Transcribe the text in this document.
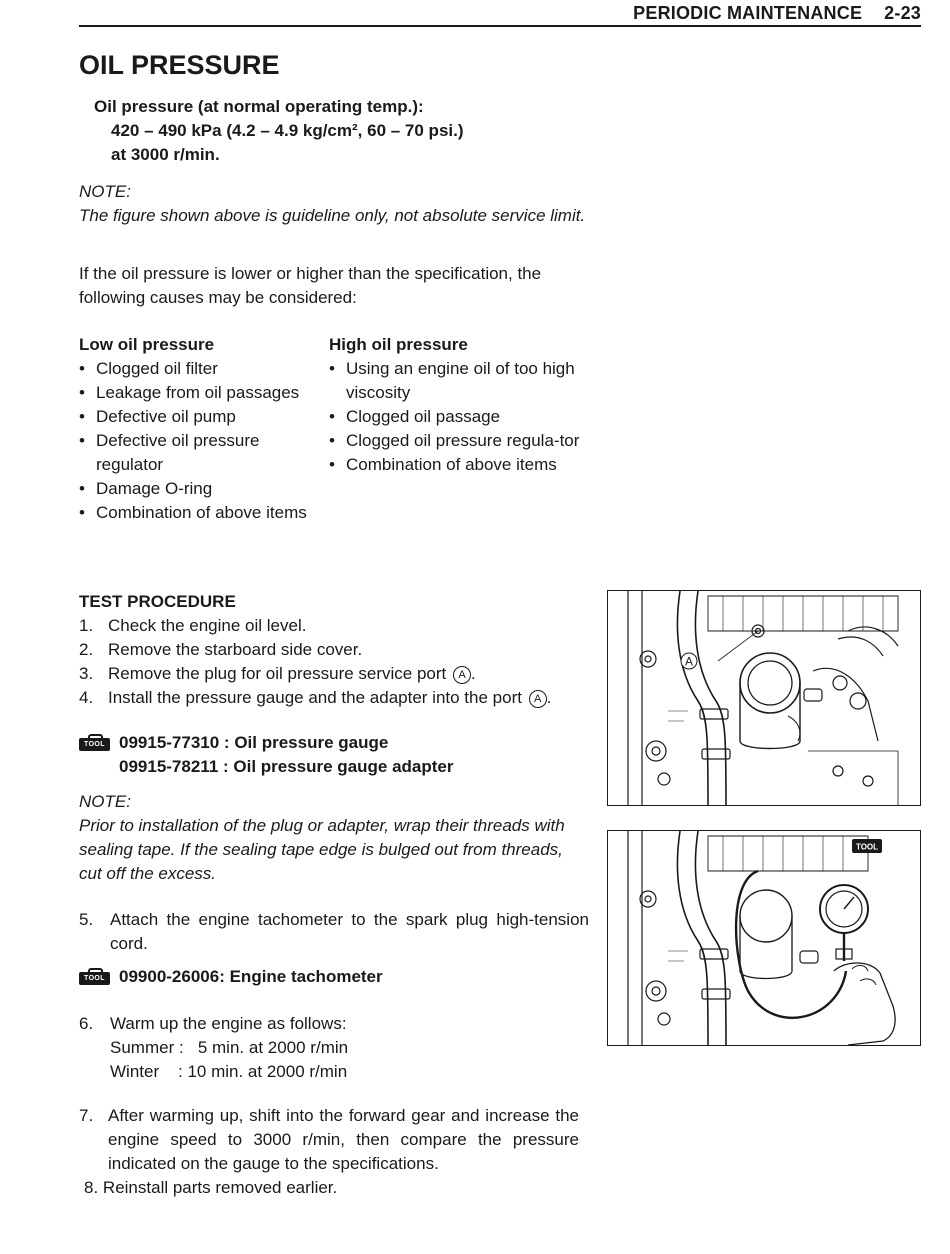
PERIODIC MAINTENANCE 2-23
OIL PRESSURE
Oil pressure (at normal operating temp.):
420 – 490 kPa (4.2 – 4.9 kg/cm², 60 – 70 psi.)
at 3000 r/min.
NOTE:
The figure shown above is guideline only, not absolute service limit.
If the oil pressure is lower or higher than the specification, the following causes may be considered:
Low oil pressure
• Clogged oil filter
• Leakage from oil passages
• Defective oil pump
• Defective oil pressure regulator
• Damage O-ring
• Combination of above items
High oil pressure
• Using an engine oil of too high viscosity
• Clogged oil passage
• Clogged oil pressure regula-tor
• Combination of above items
TEST PROCEDURE
1. Check the engine oil level.
2. Remove the starboard side cover.
3. Remove the plug for oil pressure service port A .
4. Install the pressure gauge and the adapter into the port A .
TOOL 09915-77310 : Oil pressure gauge
09915-78211 : Oil pressure gauge adapter
NOTE:
Prior to installation of the plug or adapter, wrap their threads with sealing tape. If the sealing tape edge is bulged out from threads, cut off the excess.
5. Attach the engine tachometer to the spark plug high-tension cord.
TOOL 09900-26006: Engine tachometer
6. Warm up the engine as follows:
Summer :   5 min. at 2000 r/min
Winter    : 10 min. at 2000 r/min
7. After warming up, shift into the forward gear and increase the engine speed to 3000 r/min, then compare the pressure indicated on the gauge to the specifications.
8. Reinstall parts removed earlier.
A
TOOL
